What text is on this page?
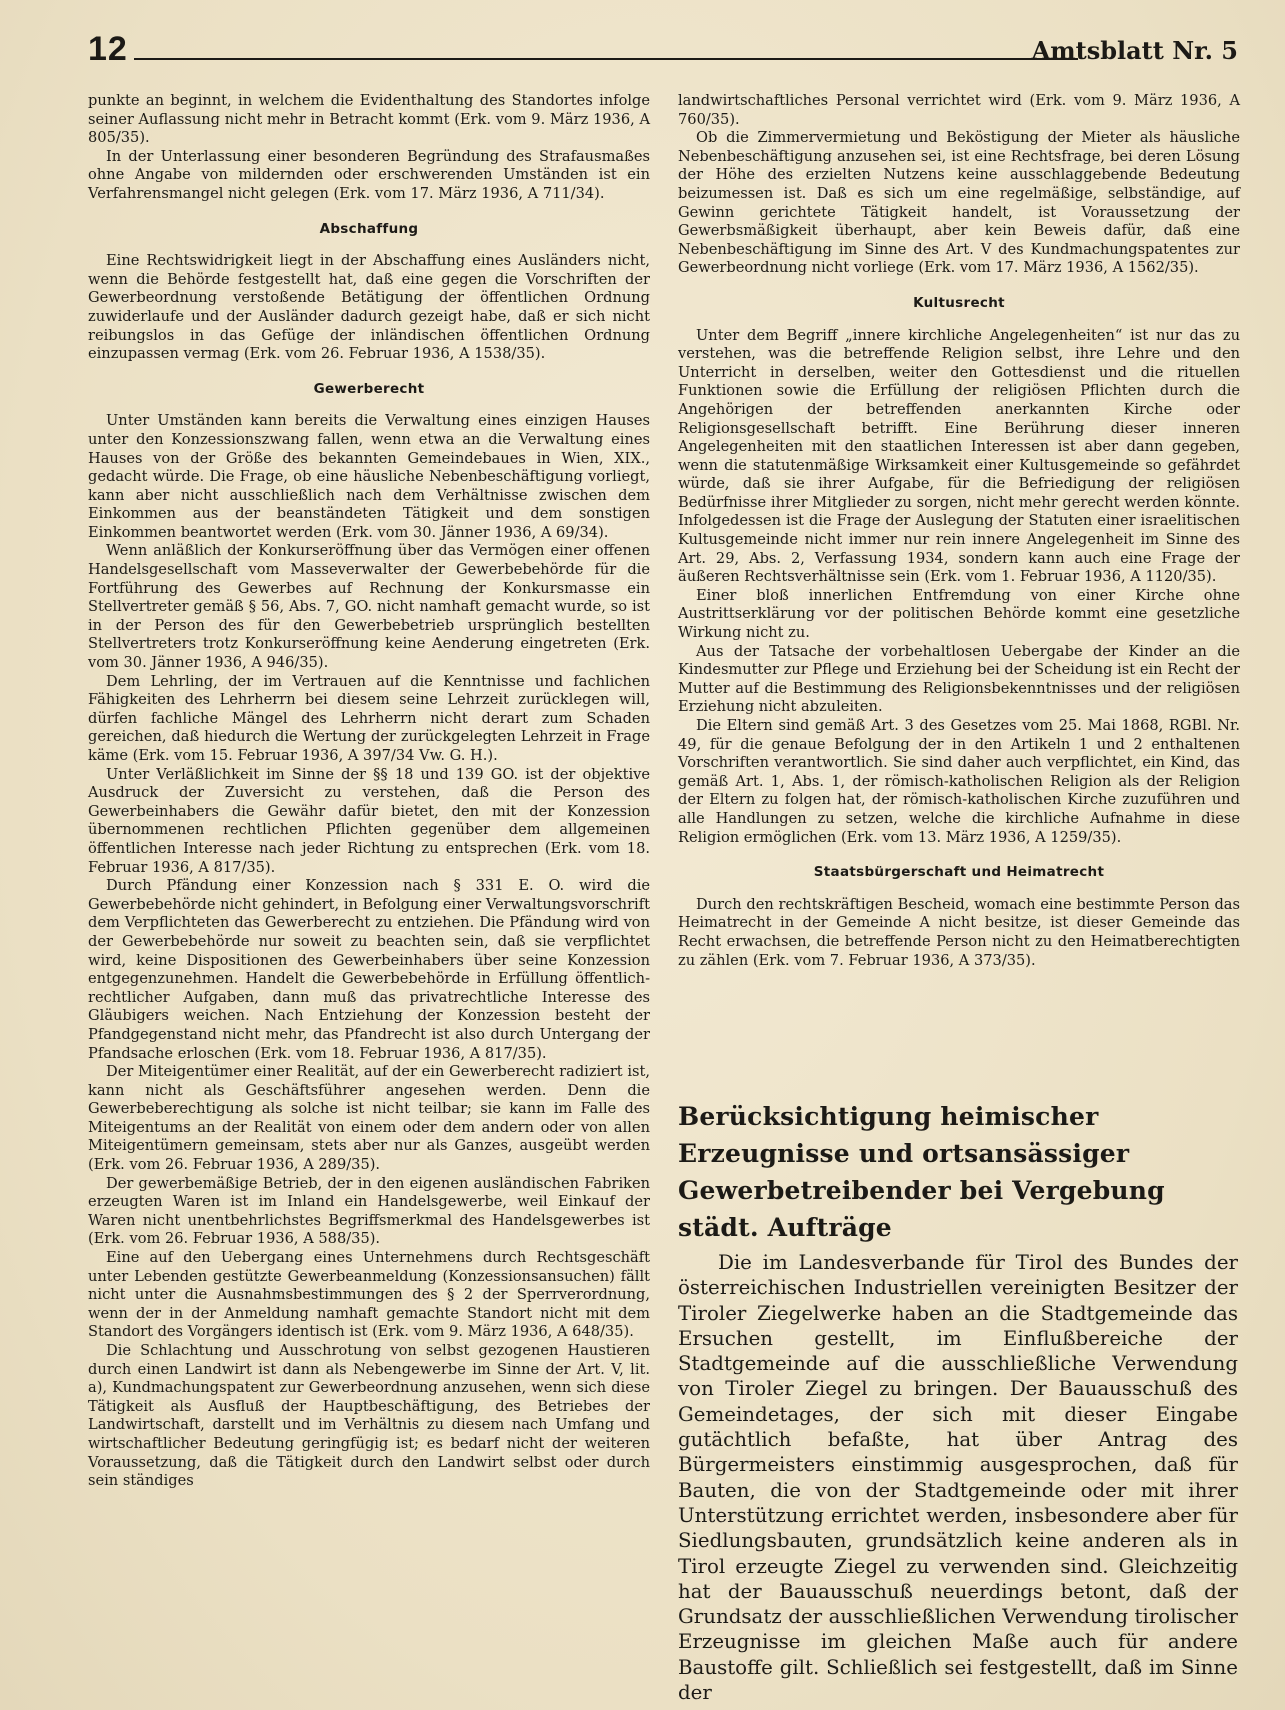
12	Amtsblatt Nr. 5

punkte an beginnt, in welchem die Evidenthaltung des Standortes infolge seiner Auflassung nicht mehr in Betracht kommt (Erk. vom 9. März 1936, A 805/35).

In der Unterlassung einer besonderen Begründung des Strafausmaßes ohne Angabe von mildernden oder erschwerenden Umständen ist ein Verfahrensmangel nicht gelegen (Erk. vom 17. März 1936, A 711/34).

Abschaffung

Eine Rechtswidrigkeit liegt in der Abschaffung eines Ausländers nicht, wenn die Behörde festgestellt hat, daß eine gegen die Vorschriften der Gewerbeordnung verstoßende Betätigung der öffentlichen Ordnung zuwiderlaufe und der Ausländer dadurch gezeigt habe, daß er sich nicht reibungslos in das Gefüge der inländischen öffentlichen Ordnung einzupassen vermag (Erk. vom 26. Februar 1936, A 1538/35).

Gewerberecht

Unter Umständen kann bereits die Verwaltung eines einzigen Hauses unter den Konzessionszwang fallen, wenn etwa an die Verwaltung eines Hauses von der Größe des bekannten Gemeindebaues in Wien, XIX., gedacht würde. Die Frage, ob eine häusliche Nebenbeschäftigung vorliegt, kann aber nicht ausschließlich nach dem Verhältnisse zwischen dem Einkommen aus der beanständeten Tätigkeit und dem sonstigen Einkommen beantwortet werden (Erk. vom 30. Jänner 1936, A 69/34).

Wenn anläßlich der Konkurseröffnung über das Vermögen einer offenen Handelsgesellschaft vom Masseverwalter der Gewerbebehörde für die Fortführung des Gewerbes auf Rechnung der Konkursmasse ein Stellvertreter gemäß § 56, Abs. 7, GO. nicht namhaft gemacht wurde, so ist in der Person des für den Gewerbebetrieb ursprünglich bestellten Stellvertreters trotz Konkurseröffnung keine Aenderung eingetreten (Erk. vom 30. Jänner 1936, A 946/35).

Dem Lehrling, der im Vertrauen auf die Kenntnisse und fachlichen Fähigkeiten des Lehrherrn bei diesem seine Lehrzeit zurücklegen will, dürfen fachliche Mängel des Lehrherrn nicht derart zum Schaden gereichen, daß hiedurch die Wertung der zurückgelegten Lehrzeit in Frage käme (Erk. vom 15. Februar 1936, A 397/34 Vw. G. H.).

Unter Verläßlichkeit im Sinne der §§ 18 und 139 GO. ist der objektive Ausdruck der Zuversicht zu verstehen, daß die Person des Gewerbeinhabers die Gewähr dafür bietet, den mit der Konzession übernommenen rechtlichen Pflichten gegenüber dem allgemeinen öffentlichen Interesse nach jeder Richtung zu entsprechen (Erk. vom 18. Februar 1936, A 817/35).

Durch Pfändung einer Konzession nach § 331 E. O. wird die Gewerbebehörde nicht gehindert, in Befolgung einer Verwaltungsvorschrift dem Verpflichteten das Gewerberecht zu entziehen. Die Pfändung wird von der Gewerbebehörde nur soweit zu beachten sein, daß sie verpflichtet wird, keine Dispositionen des Gewerbeinhabers über seine Konzession entgegenzunehmen. Handelt die Gewerbebehörde in Erfüllung öffentlich-rechtlicher Aufgaben, dann muß das privatrechtliche Interesse des Gläubigers weichen. Nach Entziehung der Konzession besteht der Pfandgegenstand nicht mehr, das Pfandrecht ist also durch Untergang der Pfandsache erloschen (Erk. vom 18. Februar 1936, A 817/35).

Der Miteigentümer einer Realität, auf der ein Gewerberecht radiziert ist, kann nicht als Geschäftsführer angesehen werden. Denn die Gewerbeberechtigung als solche ist nicht teilbar; sie kann im Falle des Miteigentums an der Realität von einem oder dem andern oder von allen Miteigentümern gemeinsam, stets aber nur als Ganzes, ausgeübt werden (Erk. vom 26. Februar 1936, A 289/35).

Der gewerbemäßige Betrieb, der in den eigenen ausländischen Fabriken erzeugten Waren ist im Inland ein Handelsgewerbe, weil Einkauf der Waren nicht unentbehrlichstes Begriffsmerkmal des Handelsgewerbes ist (Erk. vom 26. Februar 1936, A 588/35).

Eine auf den Uebergang eines Unternehmens durch Rechtsgeschäft unter Lebenden gestützte Gewerbeanmeldung (Konzessionsansuchen) fällt nicht unter die Ausnahmsbestimmungen des § 2 der Sperrverordnung, wenn der in der Anmeldung namhaft gemachte Standort nicht mit dem Standort des Vorgängers identisch ist (Erk. vom 9. März 1936, A 648/35).

Die Schlachtung und Ausschrotung von selbst gezogenen Haustieren durch einen Landwirt ist dann als Nebengewerbe im Sinne der Art. V, lit. a), Kundmachungspatent zur Gewerbeordnung anzusehen, wenn sich diese Tätigkeit als Ausfluß der Hauptbeschäftigung, des Betriebes der Landwirtschaft, darstellt und im Verhältnis zu diesem nach Umfang und wirtschaftlicher Bedeutung geringfügig ist; es bedarf nicht der weiteren Voraussetzung, daß die Tätigkeit durch den Landwirt selbst oder durch sein ständiges

landwirtschaftliches Personal verrichtet wird (Erk. vom 9. März 1936, A 760/35).

Ob die Zimmervermietung und Beköstigung der Mieter als häusliche Nebenbeschäftigung anzusehen sei, ist eine Rechtsfrage, bei deren Lösung der Höhe des erzielten Nutzens keine ausschlaggebende Bedeutung beizumessen ist. Daß es sich um eine regelmäßige, selbständige, auf Gewinn gerichtete Tätigkeit handelt, ist Voraussetzung der Gewerbsmäßigkeit überhaupt, aber kein Beweis dafür, daß eine Nebenbeschäftigung im Sinne des Art. V des Kundmachungspatentes zur Gewerbeordnung nicht vorliege (Erk. vom 17. März 1936, A 1562/35).

Kultusrecht

Unter dem Begriff „innere kirchliche Angelegenheiten“ ist nur das zu verstehen, was die betreffende Religion selbst, ihre Lehre und den Unterricht in derselben, weiter den Gottesdienst und die rituellen Funktionen sowie die Erfüllung der religiösen Pflichten durch die Angehörigen der betreffenden anerkannten Kirche oder Religionsgesellschaft betrifft. Eine Berührung dieser inneren Angelegenheiten mit den staatlichen Interessen ist aber dann gegeben, wenn die statutenmäßige Wirksamkeit einer Kultusgemeinde so gefährdet würde, daß sie ihrer Aufgabe, für die Befriedigung der religiösen Bedürfnisse ihrer Mitglieder zu sorgen, nicht mehr gerecht werden könnte. Infolgedessen ist die Frage der Auslegung der Statuten einer israelitischen Kultusgemeinde nicht immer nur rein innere Angelegenheit im Sinne des Art. 29, Abs. 2, Verfassung 1934, sondern kann auch eine Frage der äußeren Rechtsverhältnisse sein (Erk. vom 1. Februar 1936, A 1120/35).

Einer bloß innerlichen Entfremdung von einer Kirche ohne Austrittserklärung vor der politischen Behörde kommt eine gesetzliche Wirkung nicht zu.

Aus der Tatsache der vorbehaltlosen Uebergabe der Kinder an die Kindesmutter zur Pflege und Erziehung bei der Scheidung ist ein Recht der Mutter auf die Bestimmung des Religionsbekenntnisses und der religiösen Erziehung nicht abzuleiten.

Die Eltern sind gemäß Art. 3 des Gesetzes vom 25. Mai 1868, RGBl. Nr. 49, für die genaue Befolgung der in den Artikeln 1 und 2 enthaltenen Vorschriften verantwortlich. Sie sind daher auch verpflichtet, ein Kind, das gemäß Art. 1, Abs. 1, der römisch-katholischen Religion als der Religion der Eltern zu folgen hat, der römisch-katholischen Kirche zuzuführen und alle Handlungen zu setzen, welche die kirchliche Aufnahme in diese Religion ermöglichen (Erk. vom 13. März 1936, A 1259/35).

Staatsbürgerschaft und Heimatrecht

Durch den rechtskräftigen Bescheid, womach eine bestimmte Person das Heimatrecht in der Gemeinde A nicht besitze, ist dieser Gemeinde das Recht erwachsen, die betreffende Person nicht zu den Heimatberechtigten zu zählen (Erk. vom 7. Februar 1936, A 373/35).

Berücksichtigung heimischer Erzeugnisse und ortsansässiger Gewerbetreibender bei Vergebung städt. Aufträge

Die im Landesverbande für Tirol des Bundes der österreichischen Industriellen vereinigten Besitzer der Tiroler Ziegelwerke haben an die Stadtgemeinde das Ersuchen gestellt, im Einflußbereiche der Stadtgemeinde auf die ausschließliche Verwendung von Tiroler Ziegel zu bringen. Der Bauausschuß des Gemeindetages, der sich mit dieser Eingabe gutächtlich befaßte, hat über Antrag des Bürgermeisters einstimmig ausgesprochen, daß für Bauten, die von der Stadtgemeinde oder mit ihrer Unterstützung errichtet werden, insbesondere aber für Siedlungsbauten, grundsätzlich keine anderen als in Tirol erzeugte Ziegel zu verwenden sind. Gleichzeitig hat der Bauausschuß neuerdings betont, daß der Grundsatz der ausschließlichen Verwendung tirolischer Erzeugnisse im gleichen Maße auch für andere Baustoffe gilt. Schließlich sei festgestellt, daß im Sinne der
